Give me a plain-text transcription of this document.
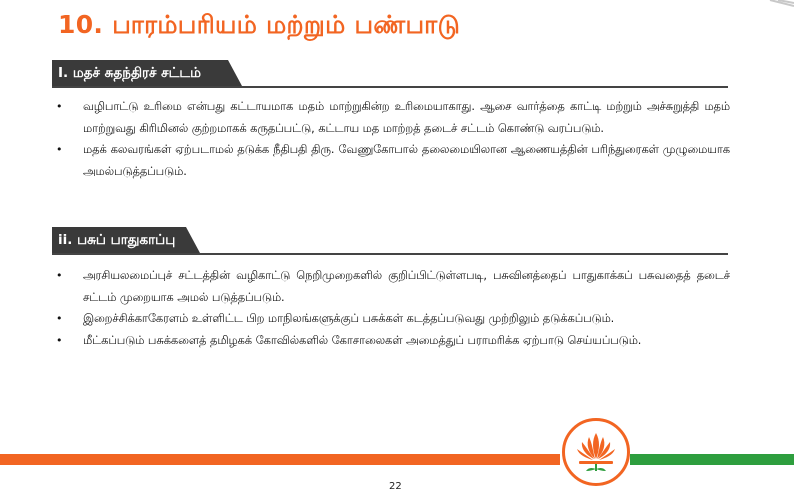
10. பாரம்பரியம் மற்றும் பண்பாடு
I. மதச் சுதந்திரச் சட்டம்
• வழிபாட்டு உரிமை என்பது கட்டாயமாக மதம் மாற்றுகின்ற உரிமையாகாது. ஆசை வார்த்தை காட்டி மற்றும் அச்சுறுத்தி மதம் மாற்றுவது கிரிமினல் குற்றமாகக் கருதப்பட்டு, கட்டாய மத மாற்றத் தடைச் சட்டம் கொண்டு வரப்படும்.
• மதக் கலவரங்கள் ஏற்படாமல் தடுக்க நீதிபதி திரு. வேணுகோபால் தலைமையிலான ஆணையத்தின் பரிந்துரைகள் முழுமையாக அமல்படுத்தப்படும்.
ii. பசுப் பாதுகாப்பு
• அரசியலமைப்புச் சட்டத்தின் வழிகாட்டு நெறிமுறைகளில் குறிப்பிட்டுள்ளபடி, பசுவினத்தைப் பாதுகாக்கப் பசுவதைத் தடைச் சட்டம் முறையாக அமல் படுத்தப்படும்.
• இறைச்சிக்காகேரளம் உள்ளிட்ட பிற மாநிலங்களுக்குப் பசுக்கள் கடத்தப்படுவது முற்றிலும் தடுக்கப்படும்.
• மீட்கப்படும் பசுக்களைத் தமிழகக் கோவில்களில் கோசாலைகள் அமைத்துப் பராமரிக்க ஏற்பாடு செய்யப்படும்.
22
